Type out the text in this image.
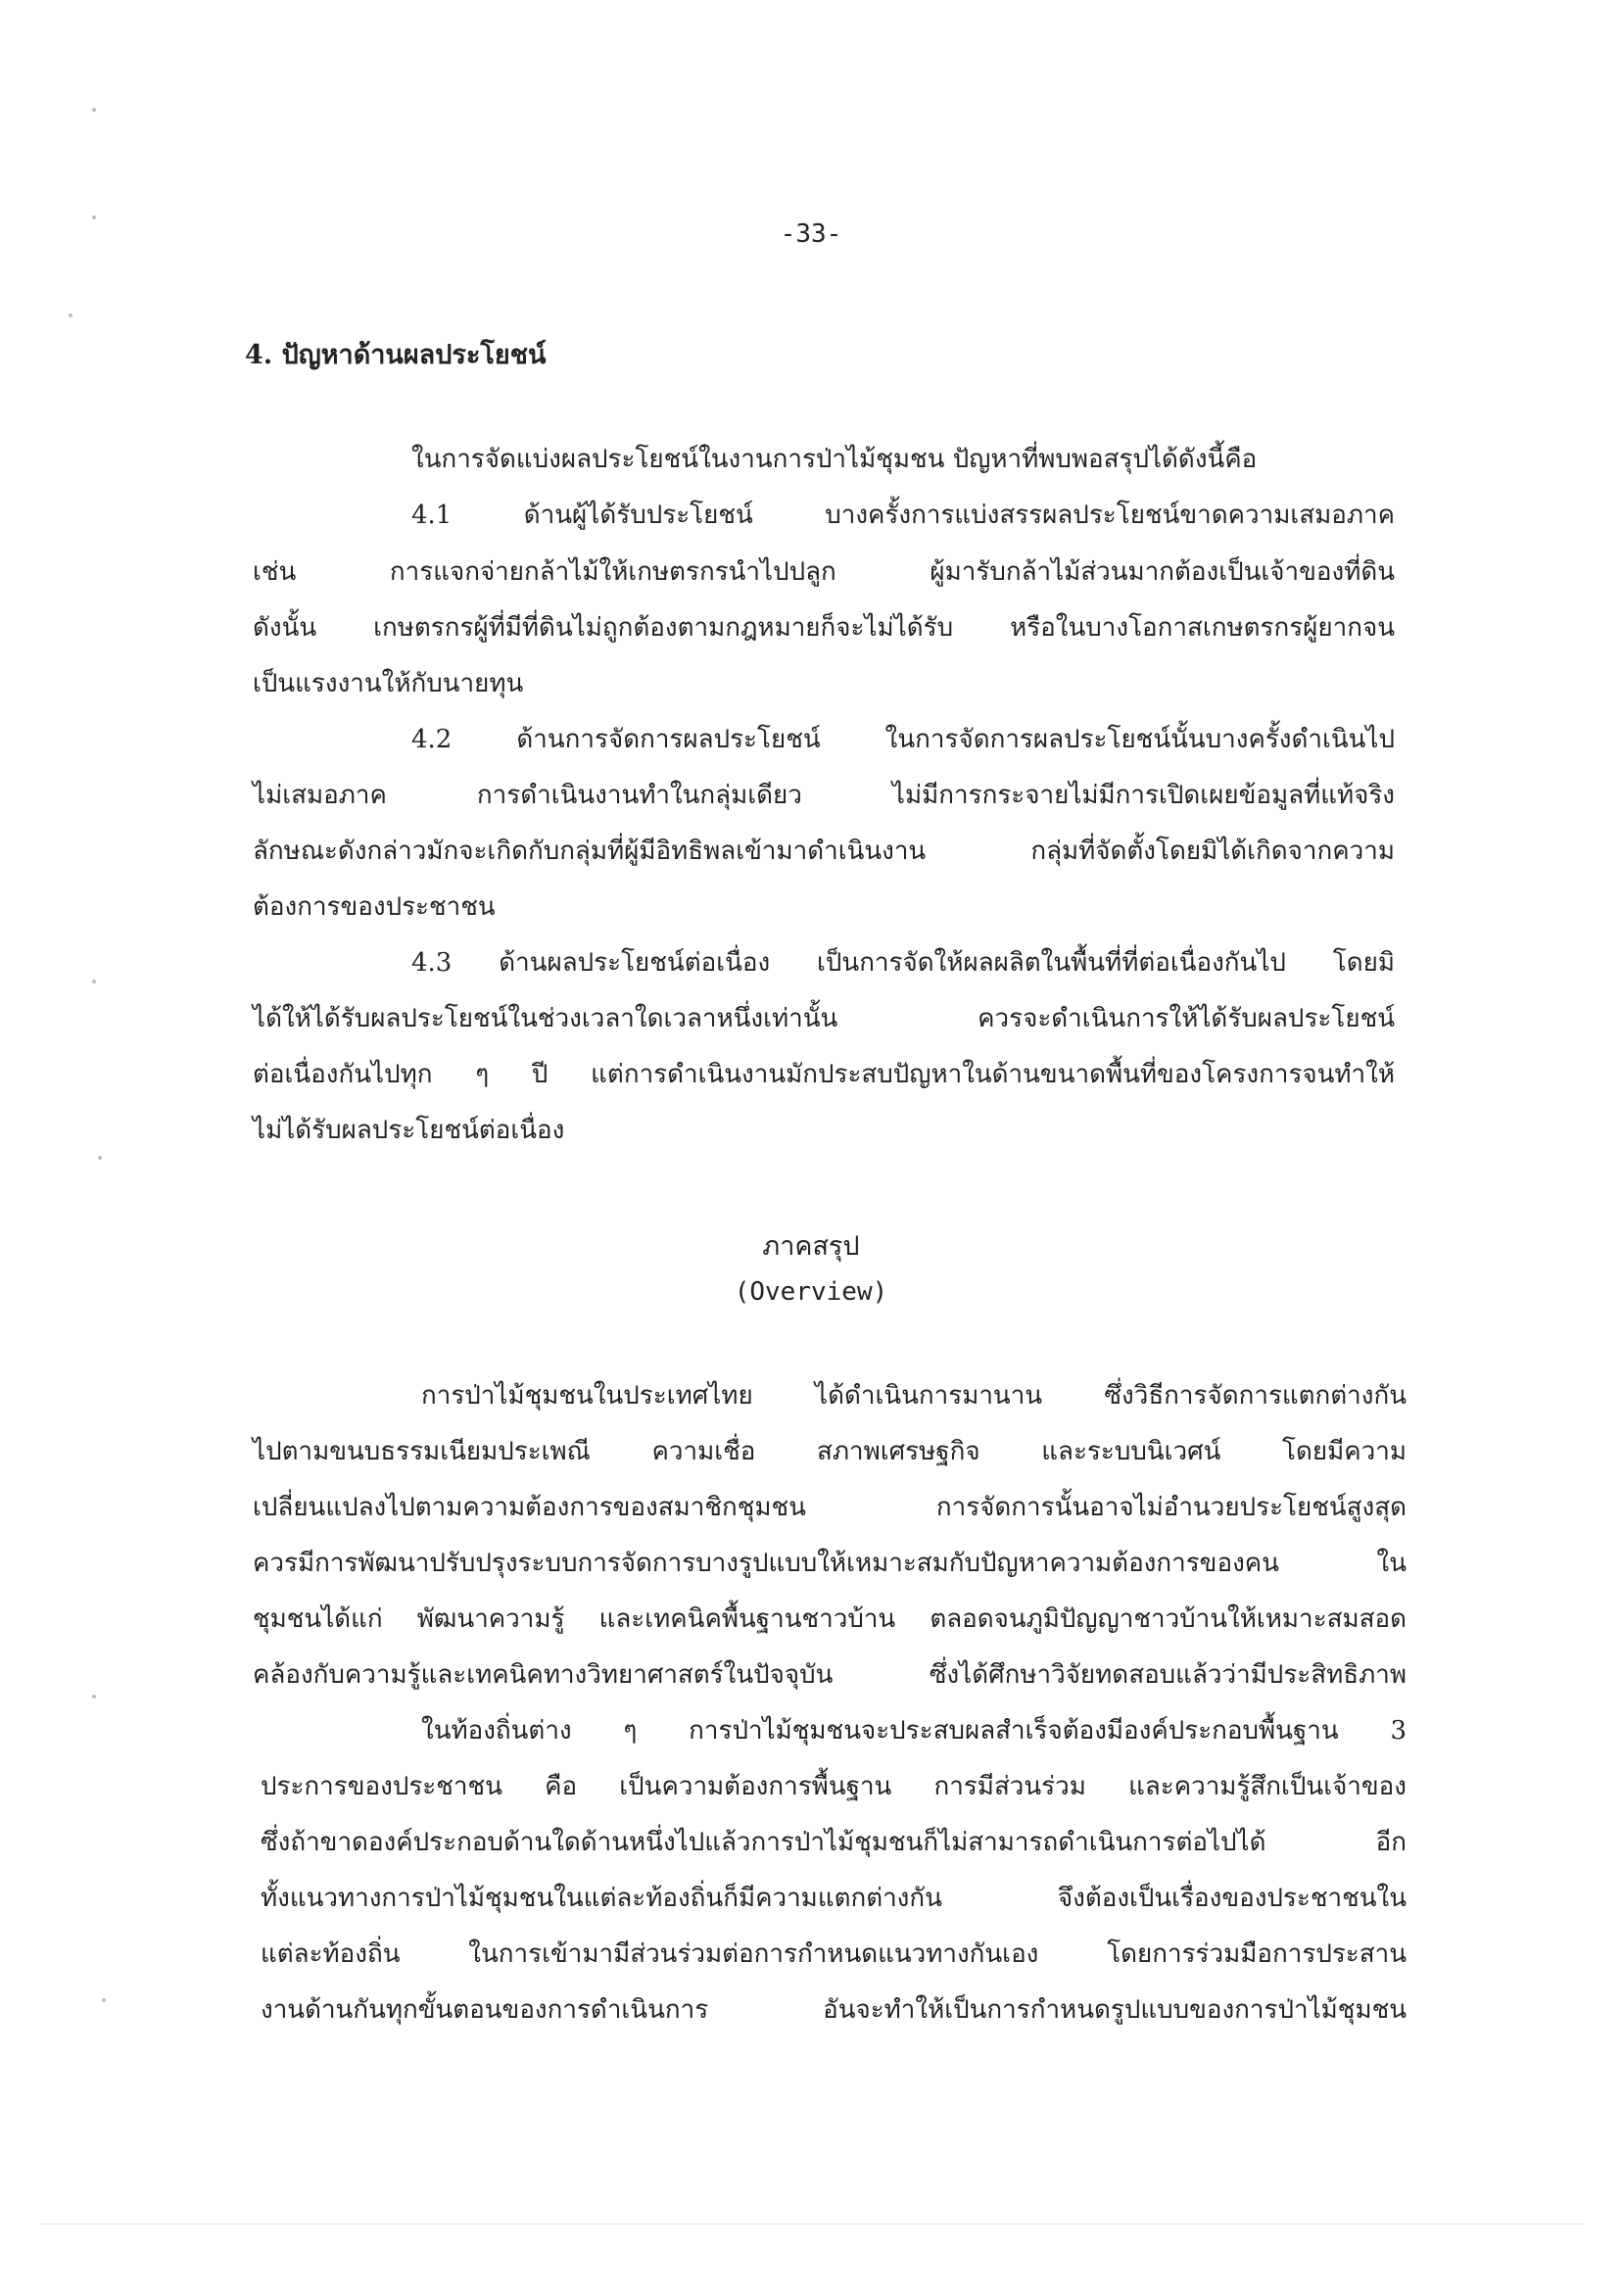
-33-
4. ปัญหาด้านผลประโยชน์
ในการจัดแบ่งผลประโยชน์ในงานการป่าไม้ชุมชน ปัญหาที่พบพอสรุปได้ดังนี้คือ
4.1 ด้านผู้ได้รับประโยชน์ บางครั้งการแบ่งสรรผลประโยชน์ขาดความเสมอภาค
เช่น การแจกจ่ายกล้าไม้ให้เกษตรกรนำไปปลูก ผู้มารับกล้าไม้ส่วนมากต้องเป็นเจ้าของที่ดิน
ดังนั้น เกษตรกรผู้ที่มีที่ดินไม่ถูกต้องตามกฎหมายก็จะไม่ได้รับ หรือในบางโอกาสเกษตรกรผู้ยากจน
เป็นแรงงานให้กับนายทุน
4.2 ด้านการจัดการผลประโยชน์ ในการจัดการผลประโยชน์นั้นบางครั้งดำเนินไป
ไม่เสมอภาค การดำเนินงานทำในกลุ่มเดียว ไม่มีการกระจายไม่มีการเปิดเผยข้อมูลที่แท้จริง
ลักษณะดังกล่าวมักจะเกิดกับกลุ่มที่ผู้มีอิทธิพลเข้ามาดำเนินงาน กลุ่มที่จัดตั้งโดยมิได้เกิดจากความ
ต้องการของประชาชน
4.3 ด้านผลประโยชน์ต่อเนื่อง เป็นการจัดให้ผลผลิตในพื้นที่ที่ต่อเนื่องกันไป โดยมิ
ได้ให้ได้รับผลประโยชน์ในช่วงเวลาใดเวลาหนึ่งเท่านั้น ควรจะดำเนินการให้ได้รับผลประโยชน์
ต่อเนื่องกันไปทุก ๆ ปี แต่การดำเนินงานมักประสบปัญหาในด้านขนาดพื้นที่ของโครงการจนทำให้
ไม่ได้รับผลประโยชน์ต่อเนื่อง
ภาคสรุป
(Overview)
การป่าไม้ชุมชนในประเทศไทย ได้ดำเนินการมานาน ซึ่งวิธีการจัดการแตกต่างกัน
ไปตามขนบธรรมเนียมประเพณี ความเชื่อ สภาพเศรษฐกิจ และระบบนิเวศน์ โดยมีความ
เปลี่ยนแปลงไปตามความต้องการของสมาชิกชุมชน การจัดการนั้นอาจไม่อำนวยประโยชน์สูงสุด
ควรมีการพัฒนาปรับปรุงระบบการจัดการบางรูปแบบให้เหมาะสมกับปัญหาความต้องการของคน ใน
ชุมชนได้แก่ พัฒนาความรู้ และเทคนิคพื้นฐานชาวบ้าน ตลอดจนภูมิปัญญาชาวบ้านให้เหมาะสมสอด
คล้องกับความรู้และเทคนิคทางวิทยาศาสตร์ในปัจจุบัน ซึ่งได้ศึกษาวิจัยทดสอบแล้วว่ามีประสิทธิภาพ
ในท้องถิ่นต่าง ๆ การป่าไม้ชุมชนจะประสบผลสำเร็จต้องมีองค์ประกอบพื้นฐาน 3
ประการของประชาชน คือ เป็นความต้องการพื้นฐาน การมีส่วนร่วม และความรู้สึกเป็นเจ้าของ
ซึ่งถ้าขาดองค์ประกอบด้านใดด้านหนึ่งไปแล้วการป่าไม้ชุมชนก็ไม่สามารถดำเนินการต่อไปได้ อีก
ทั้งแนวทางการป่าไม้ชุมชนในแต่ละท้องถิ่นก็มีความแตกต่างกัน จึงต้องเป็นเรื่องของประชาชนใน
แต่ละท้องถิ่น ในการเข้ามามีส่วนร่วมต่อการกำหนดแนวทางกันเอง โดยการร่วมมือการประสาน
งานด้านกันทุกขั้นตอนของการดำเนินการ อันจะทำให้เป็นการกำหนดรูปแบบของการป่าไม้ชุมชน
